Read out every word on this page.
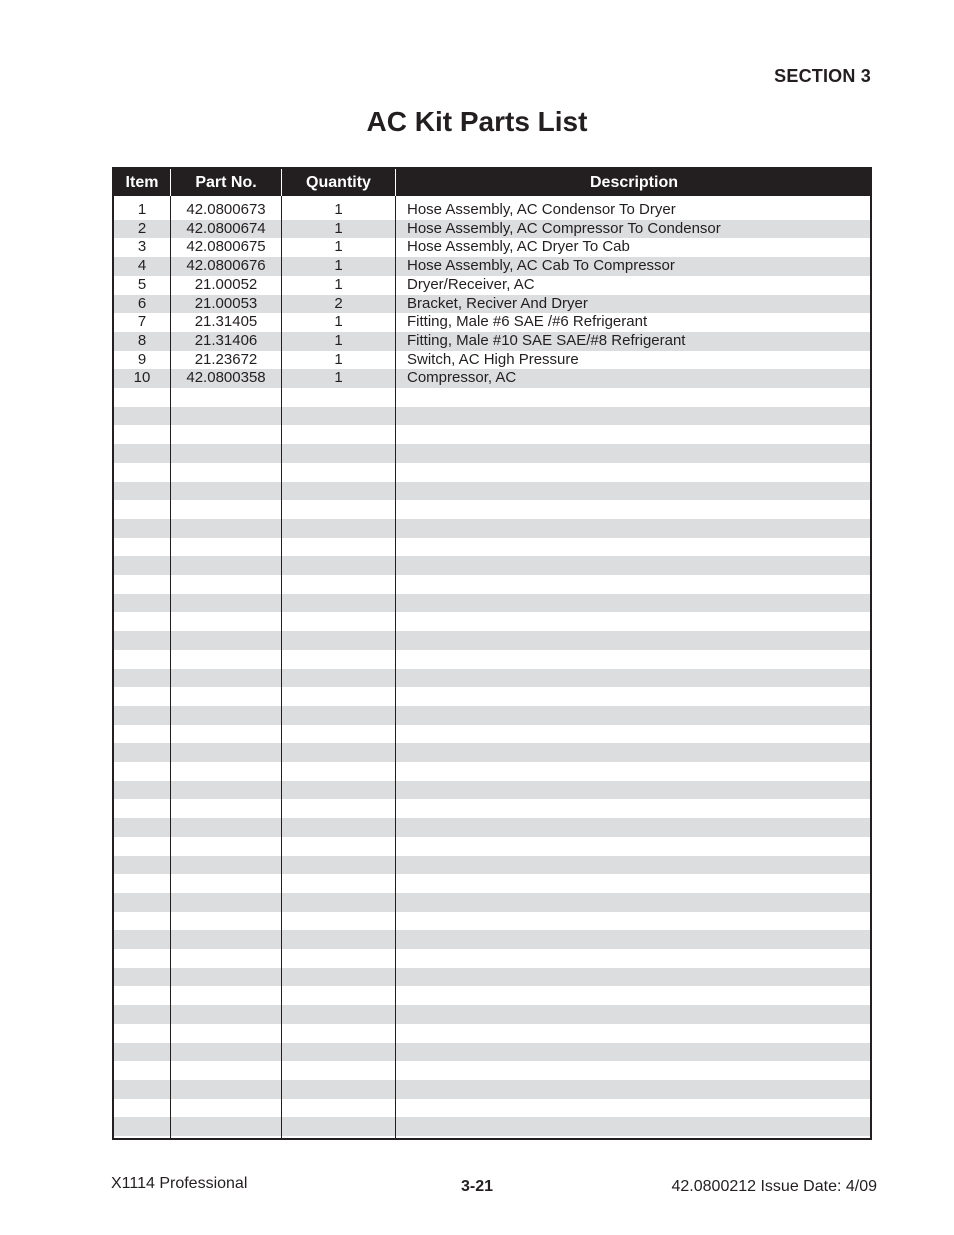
SECTION 3
AC Kit Parts List
Item	Part No.	Quantity	Description
1	42.0800673	1	Hose Assembly, AC Condensor To Dryer
2	42.0800674	1	Hose Assembly, AC Compressor To Condensor
3	42.0800675	1	Hose Assembly, AC Dryer To Cab
4	42.0800676	1	Hose Assembly, AC Cab To Compressor
5	21.00052	1	Dryer/Receiver, AC
6	21.00053	2	Bracket, Reciver And Dryer
7	21.31405	1	Fitting, Male #6 SAE /#6 Refrigerant
8	21.31406	1	Fitting, Male #10 SAE SAE/#8 Refrigerant
9	21.23672	1	Switch, AC High Pressure
10	42.0800358	1	Compressor, AC
X1114 Professional	3-21	42.0800212 Issue Date: 4/09
